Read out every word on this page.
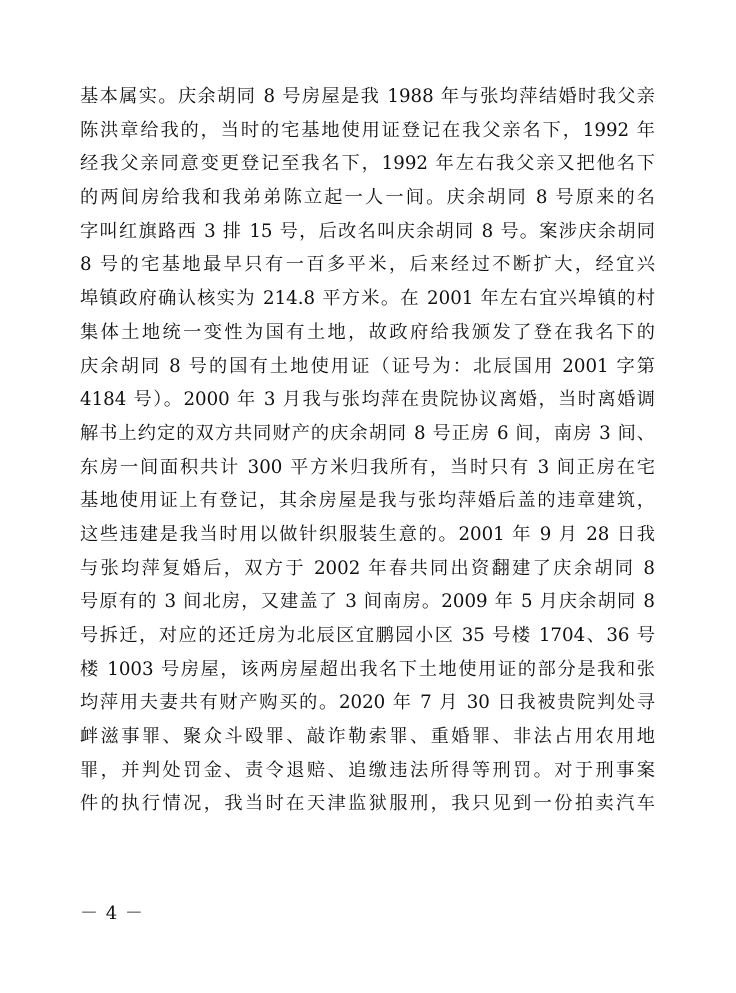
基本属实。庆余胡同 8 号房屋是我 1988 年与张均萍结婚时我父亲
陈洪章给我的，当时的宅基地使用证登记在我父亲名下，1992 年
经我父亲同意变更登记至我名下，1992 年左右我父亲又把他名下
的两间房给我和我弟弟陈立起一人一间。庆余胡同 8 号原来的名
字叫红旗路西 3 排 15 号，后改名叫庆余胡同 8 号。案涉庆余胡同
8 号的宅基地最早只有一百多平米，后来经过不断扩大，经宜兴
埠镇政府确认核实为 214.8 平方米。在 2001 年左右宜兴埠镇的村
集体土地统一变性为国有土地，故政府给我颁发了登在我名下的
庆余胡同 8 号的国有土地使用证（证号为：北辰国用 2001 字第
4184 号）。2000 年 3 月我与张均萍在贵院协议离婚，当时离婚调
解书上约定的双方共同财产的庆余胡同 8 号正房 6 间，南房 3 间、
东房一间面积共计 300 平方米归我所有，当时只有 3 间正房在宅
基地使用证上有登记，其余房屋是我与张均萍婚后盖的违章建筑，
这些违建是我当时用以做针织服装生意的。2001 年 9 月 28 日我
与张均萍复婚后，双方于 2002 年春共同出资翻建了庆余胡同 8
号原有的 3 间北房，又建盖了 3 间南房。2009 年 5 月庆余胡同 8
号拆迁，对应的还迁房为北辰区宜鹏园小区 35 号楼 1704、36 号
楼 1003 号房屋，该两房屋超出我名下土地使用证的部分是我和张
均萍用夫妻共有财产购买的。2020 年 7 月 30 日我被贵院判处寻
衅滋事罪、聚众斗殴罪、敲诈勒索罪、重婚罪、非法占用农用地
罪，并判处罚金、责令退赔、追缴违法所得等刑罚。对于刑事案
件的执行情况，我当时在天津监狱服刑，我只见到一份拍卖汽车
－ 4 －
